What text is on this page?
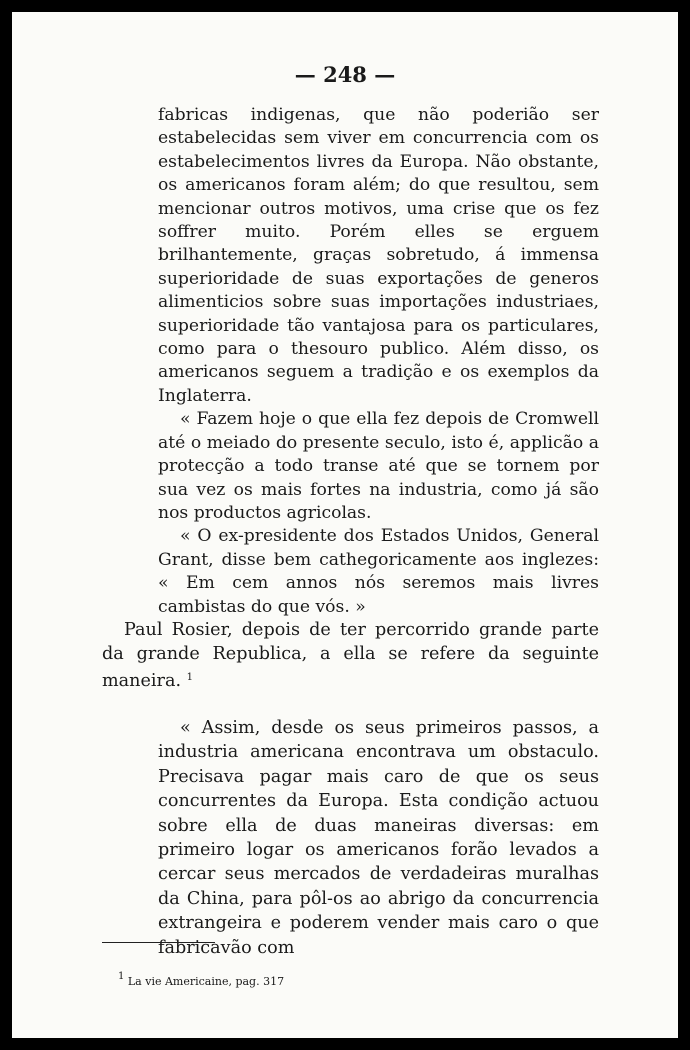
— 248 —

fabricas indigenas, que não poderião ser estabelecidas sem viver em concurrencia com os estabelecimentos livres da Europa. Não obstante, os americanos foram além; do que resultou, sem mencionar outros motivos, uma crise que os fez soffrer muito. Porém elles se erguem brilhantemente, graças sobretudo, á immensa superioridade de suas exportações de generos alimenticios sobre suas importações industriaes, superioridade tão vantajosa para os particulares, como para o thesouro publico. Além disso, os americanos seguem a tradição e os exemplos da Inglaterra.

« Fazem hoje o que ella fez depois de Cromwell até o meiado do presente seculo, isto é, applicão a protecção a todo transe até que se tornem por sua vez os mais fortes na industria, como já são nos productos agricolas.

« O ex-presidente dos Estados Unidos, General Grant, disse bem cathegoricamente aos inglezes: « Em cem annos nós seremos mais livres cambistas do que vós. »

Paul Rosier, depois de ter percorrido grande parte da grande Republica, a ella se refere da seguinte maneira. $^1$

« Assim, desde os seus primeiros passos, a industria americana encontrava um obstaculo. Precisava pagar mais caro de que os seus concurrentes da Europa. Esta condição actuou sobre ella de duas maneiras diversas: em primeiro logar os americanos forão levados a cercar seus mercados de verdadeiras muralhas da China, para pôl-os ao abrigo da concurrencia extrangeira e poderem vender mais caro o que fabricavão com

$^1$ La vie Americaine, pag. 317
